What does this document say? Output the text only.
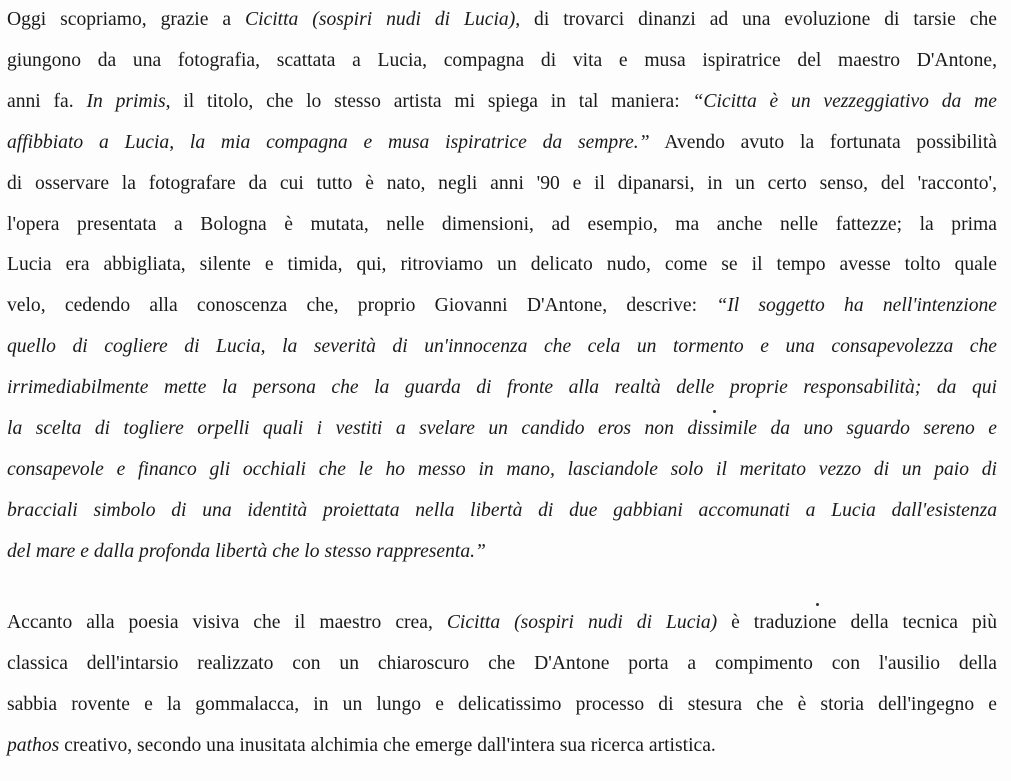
Oggi scopriamo, grazie a Cicitta (sospiri nudi di Lucia), di trovarci dinanzi ad una evoluzione di tarsie che
giungono da una fotografia, scattata a Lucia, compagna di vita e musa ispiratrice del maestro D'Antone,
anni fa. In primis, il titolo, che lo stesso artista mi spiega in tal maniera: “Cicitta è un vezzeggiativo da me
affibbiato a Lucia, la mia compagna e musa ispiratrice da sempre.” Avendo avuto la fortunata possibilità
di osservare la fotografare da cui tutto è nato, negli anni '90 e il dipanarsi, in un certo senso, del 'racconto',
l'opera presentata a Bologna è mutata, nelle dimensioni, ad esempio, ma anche nelle fattezze; la prima
Lucia era abbigliata, silente e timida, qui, ritroviamo un delicato nudo, come se il tempo avesse tolto quale
velo, cedendo alla conoscenza che, proprio Giovanni D'Antone, descrive: “Il soggetto ha nell'intenzione
quello di cogliere di Lucia, la severità di un'innocenza che cela un tormento e una consapevolezza che
irrimediabilmente mette la persona che la guarda di fronte alla realtà delle proprie responsabilità; da qui
la scelta di togliere orpelli quali i vestiti a svelare un candido eros non dissimile da uno sguardo sereno e
consapevole e financo gli occhiali che le ho messo in mano, lasciandole solo il meritato vezzo di un paio di
bracciali simbolo di una identità proiettata nella libertà di due gabbiani accomunati a Lucia dall'esistenza
del mare e dalla profonda libertà che lo stesso rappresenta.”
Accanto alla poesia visiva che il maestro crea, Cicitta (sospiri nudi di Lucia) è traduzione della tecnica più
classica dell'intarsio realizzato con un chiaroscuro che D'Antone porta a compimento con l'ausilio della
sabbia rovente e la gommalacca, in un lungo e delicatissimo processo di stesura che è storia dell'ingegno e
pathos creativo, secondo una inusitata alchimia che emerge dall'intera sua ricerca artistica.
